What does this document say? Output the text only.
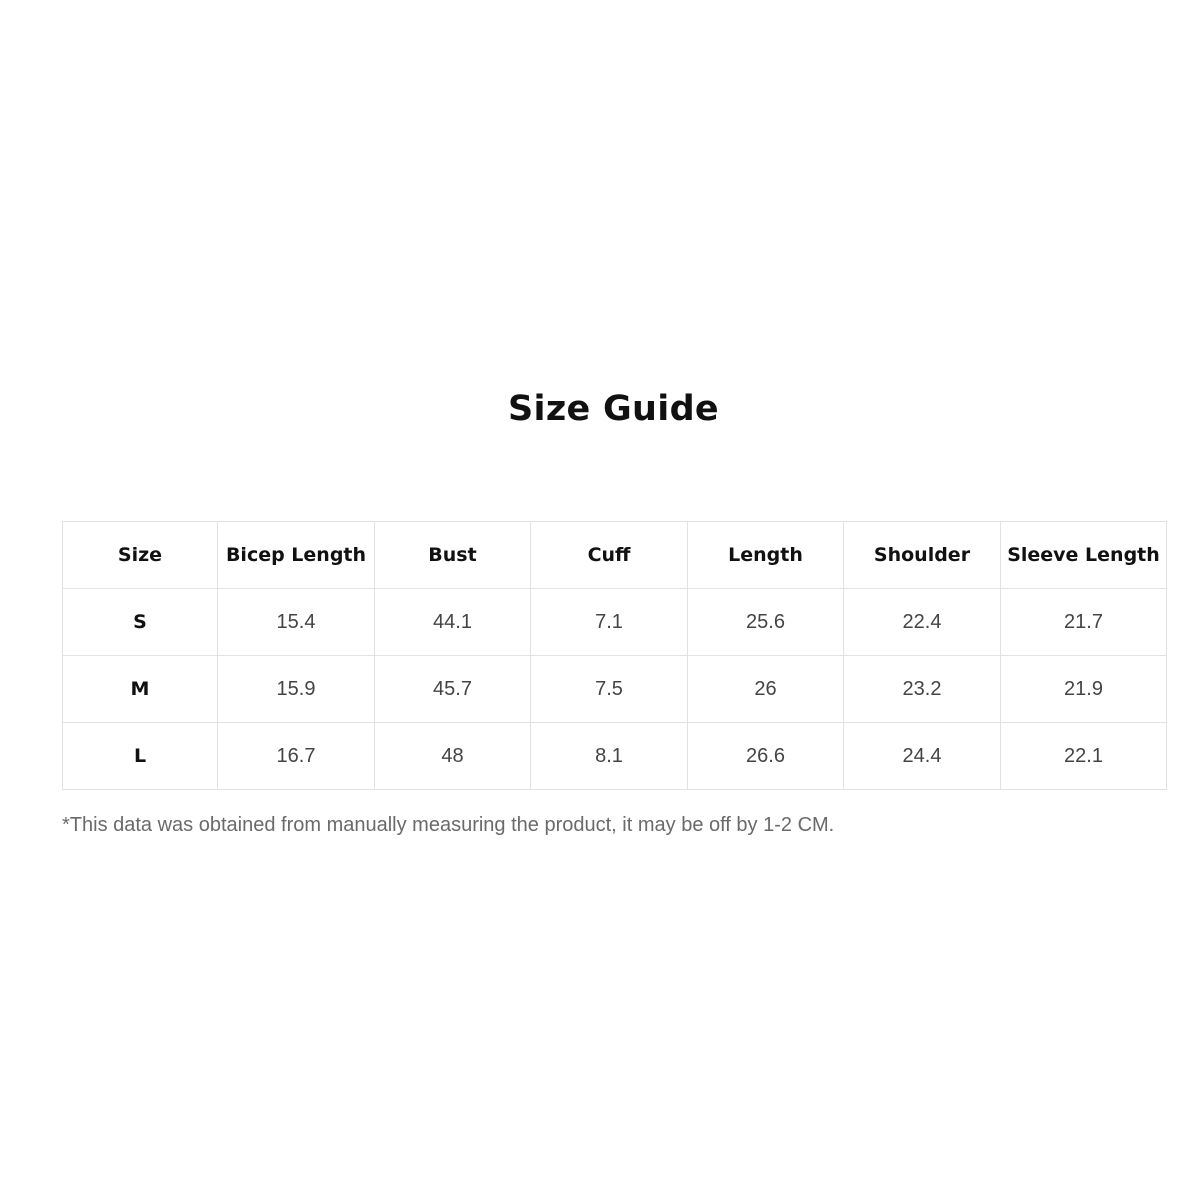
Size Guide
Size	Bicep Length	Bust	Cuff	Length	Shoulder	Sleeve Length
S	15.4	44.1	7.1	25.6	22.4	21.7
M	15.9	45.7	7.5	26	23.2	21.9
L	16.7	48	8.1	26.6	24.4	22.1

*This data was obtained from manually measuring the product, it may be off by 1-2 CM.
